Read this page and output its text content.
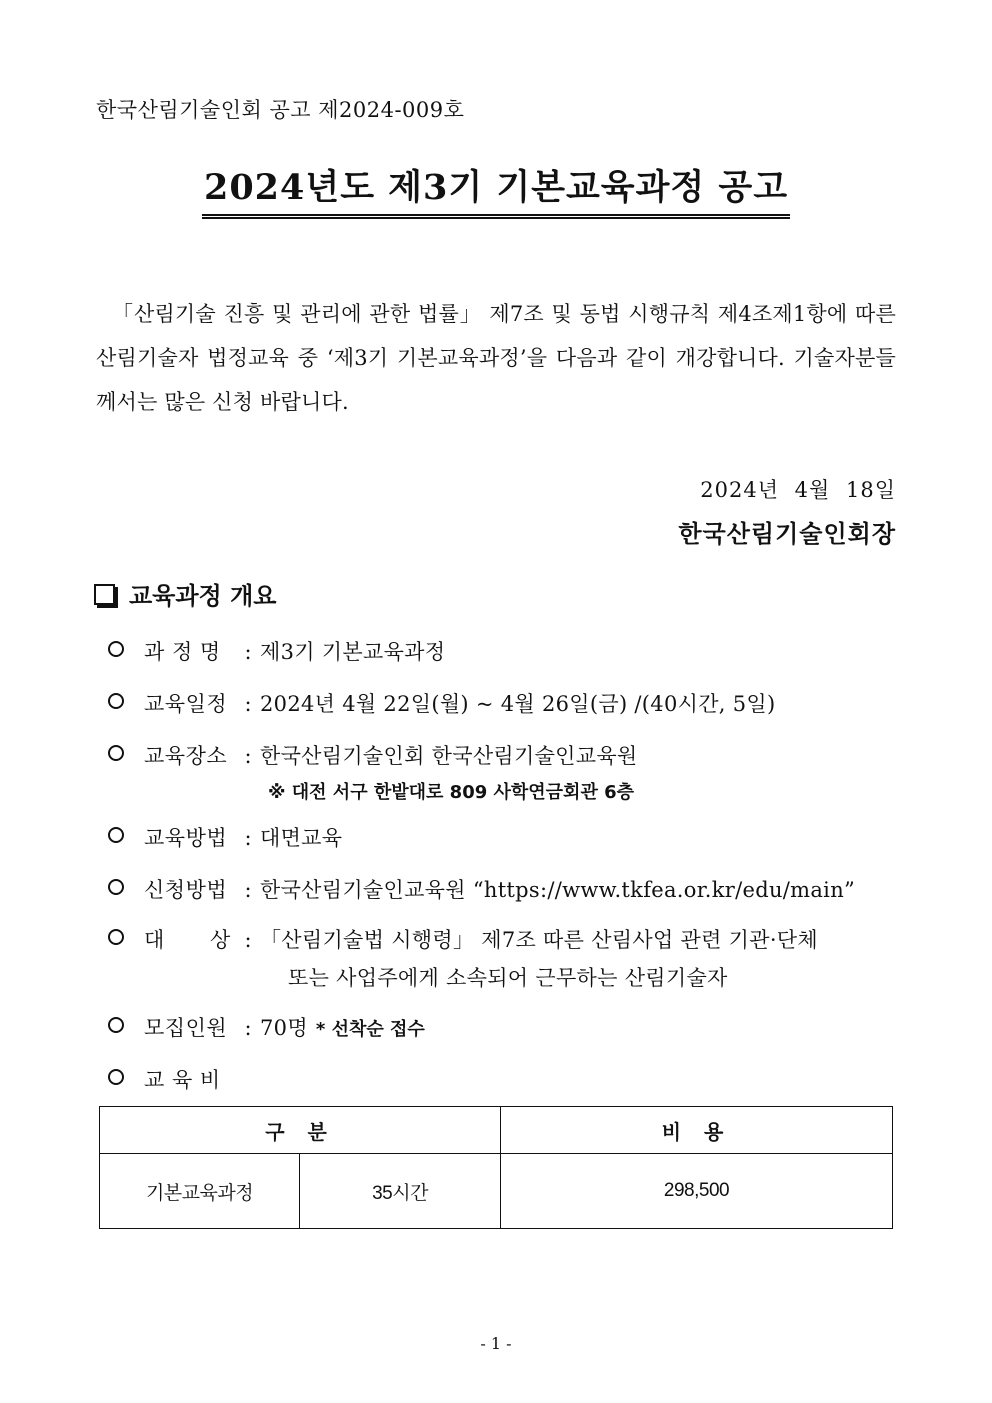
한국산림기술인회 공고 제2024-009호
2024년도 제3기 기본교육과정 공고
「산림기술 진흥 및 관리에 관한 법률」 제7조 및 동법 시행규칙 제4조제1항에 따른 산림기술자 법정교육 중 ‘제3기 기본교육과정’을 다음과 같이 개강합니다. 기술자분들께서는 많은 신청 바랍니다.
2024년 4월 18일
한국산림기술인회장
교육과정 개요
과 정 명	: 제3기 기본교육과정
교육일정 : 2024년 4월 22일(월) ~ 4월 26일(금) /(40시간, 5일)
교육장소 : 한국산림기술인회 한국산림기술인교육원
※ 대전 서구 한밭대로 809 사학연금회관 6층
교육방법 : 대면교육
신청방법 : 한국산림기술인교육원 “https://www.tkfea.or.kr/edu/main”
대 상 : 「산림기술법 시행령」 제7조 따른 산림사업 관련 기관·단체
또는 사업주에게 소속되어 근무하는 산림기술자
모집인원 : 70명 * 선착순 접수
교 육 비
구 분		비 용
기본교육과정	35시간	298,500
- 1 -
